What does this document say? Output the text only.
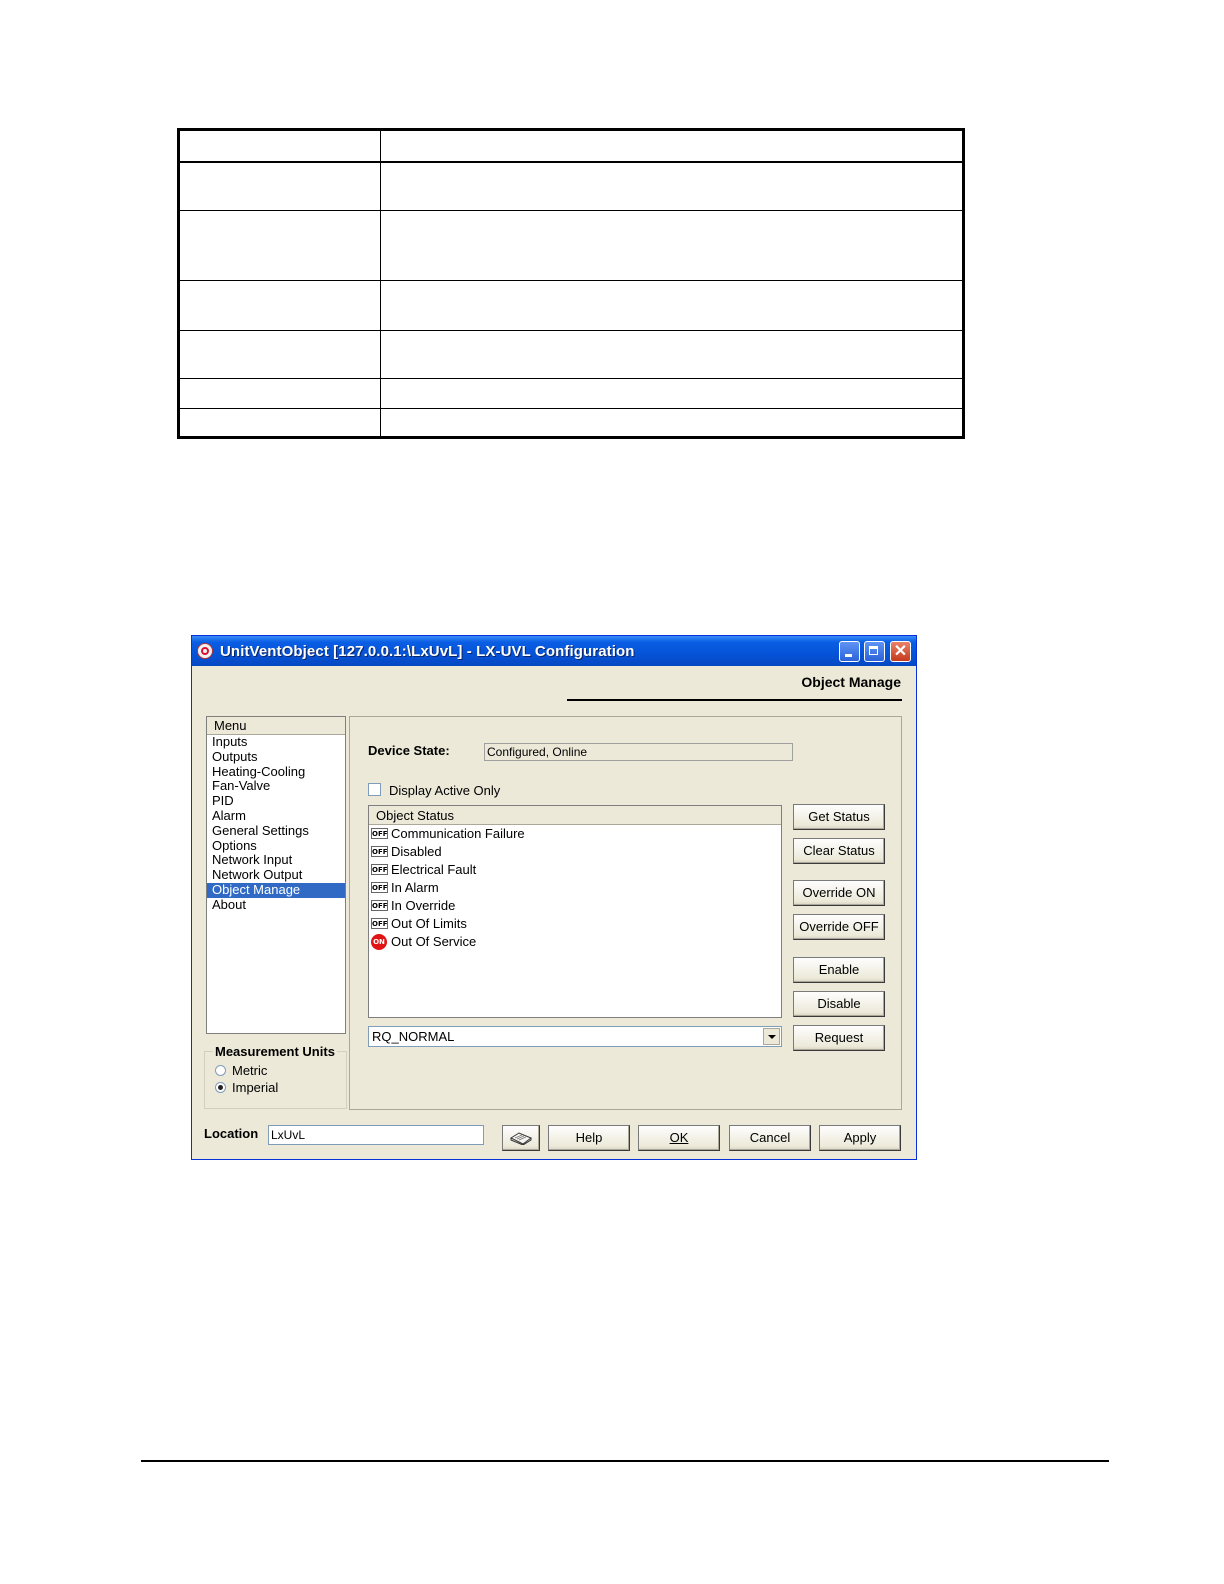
UnitVentObject [127.0.0.1:\LxUvL] - LX-UVL Configuration	✕
Object Manage
Menu
Inputs
Outputs
Heating-Cooling
Fan-Valve
PID
Alarm
General Settings
Options
Network Input
Network Output
Object Manage
About
Measurement Units
Metric
Imperial
Device State:	Configured, Online
Display Active Only
Object Status
OFF Communication Failure
OFF Disabled
OFF Electrical Fault
OFF In Alarm
OFF In Override
OFF Out Of Limits
ON Out Of Service
RQ_NORMAL
Get Status
Clear Status
Override ON
Override OFF
Enable
Disable
Request
Location LxUvL	Help	OK	Cancel	Apply
